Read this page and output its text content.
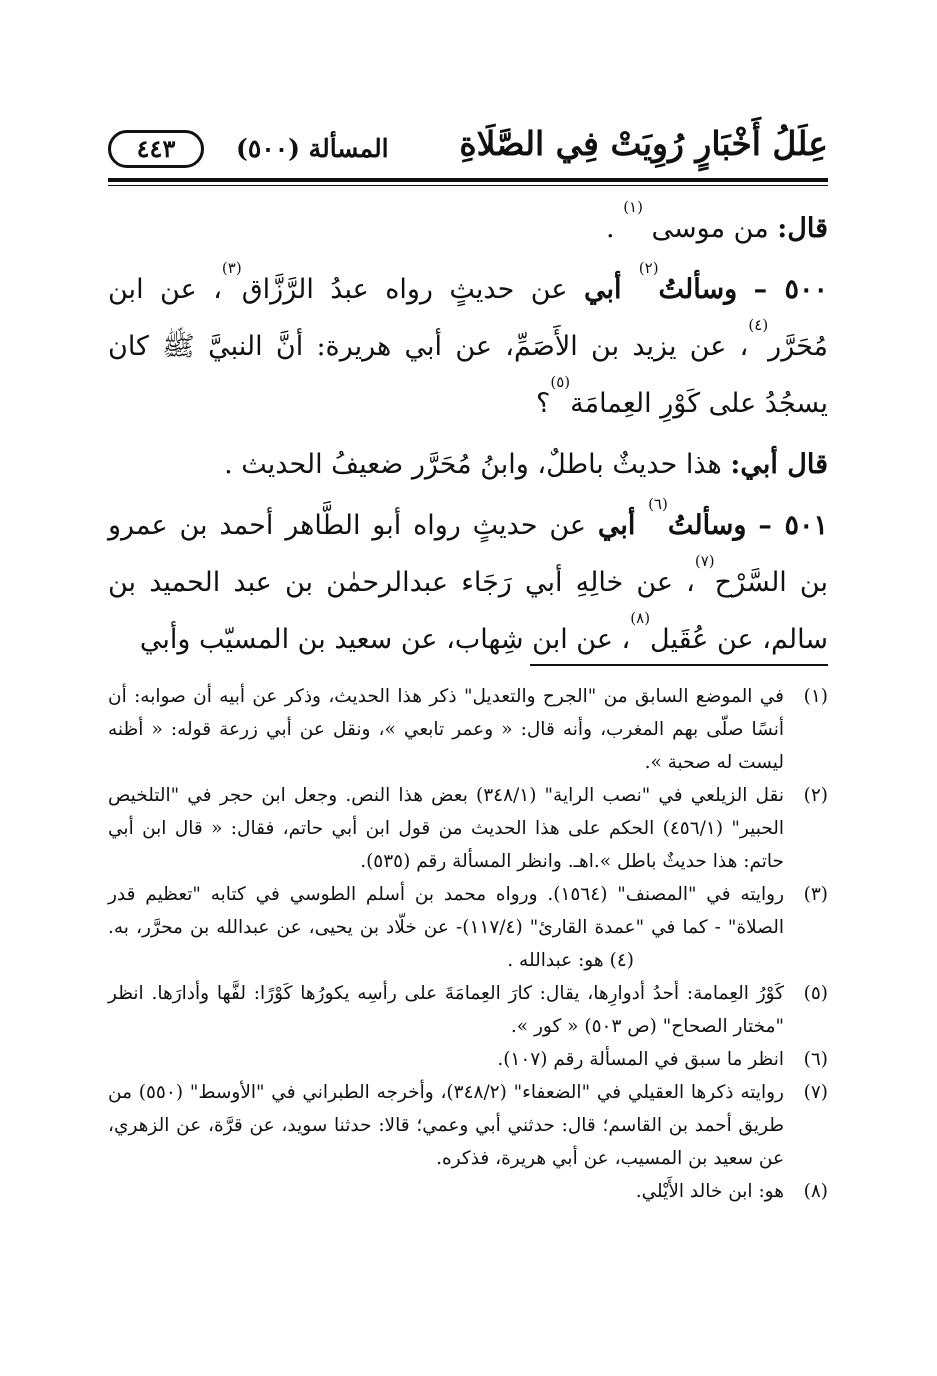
عِلَلُ أَخْبَارٍ رُوِيَتْ فِي الصَّلَاةِ
المسألة (٥٠٠)
٤٤٣

قال: من موسى $^{(١)}$ .

٥٠٠ – وسألتُ$^{(٢)}$ أبي عن حديثٍ رواه عبدُ الرَّزَّاق$^{(٣)}$، عن ابن مُحَرَّر$^{(٤)}$، عن يزيد بن الأَصَمِّ، عن أبي هريرة: أنَّ النبيَّ ﷺ كان يسجُدُ على كَوْرِ العِمامَة$^{(٥)}$؟

قال أبي: هذا حديثٌ باطلٌ، وابنُ مُحَرَّر ضعيفُ الحديث .

٥٠١ – وسألتُ$^{(٦)}$ أبي عن حديثٍ رواه أبو الطَّاهر أحمد بن عمرو بن السَّرْح$^{(٧)}$، عن خالِهِ أبي رَجَاء عبدالرحمٰن بن عبد الحميد بن سالم، عن عُقَيل$^{(٨)}$، عن ابن شِهاب، عن سعيد بن المسيّب وأبي

(١)
في الموضع السابق من "الجرح والتعديل" ذكر هذا الحديث، وذكر عن أبيه أن صوابه: أن أنسًا صلّى بهم المغرب، وأنه قال: « وعمر تابعي »، ونقل عن أبي زرعة قوله: « أظنه ليست له صحبة ».

(٢)
نقل الزيلعي في "نصب الراية" (٣٤٨/١) بعض هذا النص. وجعل ابن حجر في "التلخيص الحبير" (٤٥٦/١) الحكم على هذا الحديث من قول ابن أبي حاتم، فقال: « قال ابن أبي حاتم: هذا حديثٌ باطل ».اهـ. وانظر المسألة رقم (٥٣٥).

(٣)
روايته في "المصنف" (١٥٦٤). ورواه محمد بن أسلم الطوسي في كتابه "تعظيم قدر الصلاة" - كما في "عمدة القارئ" (١١٧/٤)- عن خلّاد بن يحيى، عن عبدالله بن محرَّر، به.(٤)هو: عبدالله .

(٥)
كَوْرُ العِمامة: أحدُ أدوارِها، يقال: كارَ العِمامَةَ على رأسِه يكورُها كَوْرًا: لفَّها وأدارَها. انظر "مختار الصحاح" (ص ٥٠٣) « كور ».

(٦)
انظر ما سبق في المسألة رقم (١٠٧).

(٧)
روايته ذكرها العقيلي في "الضعفاء" (٣٤٨/٢)، وأخرجه الطبراني في "الأوسط" (٥٥٠) من طريق أحمد بن القاسم؛ قال: حدثني أبي وعمي؛ قالا: حدثنا سويد، عن قرَّة، عن الزهري، عن سعيد بن المسيب، عن أبي هريرة، فذكره.

(٨)
هو: ابن خالد الأَيْلي.
